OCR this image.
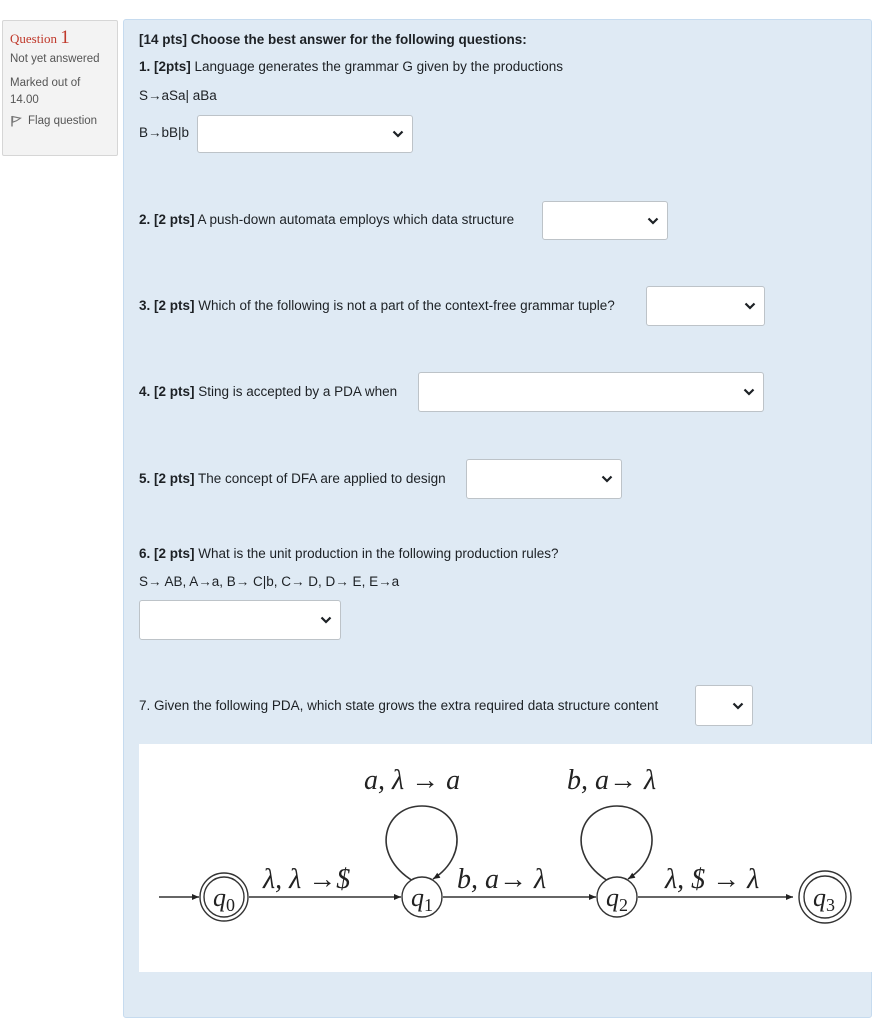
Question 1
Not yet answered
Marked out of
14.00
Flag question
[14 pts] Choose the best answer for the following questions:
1. [2pts] Language generates the grammar G given by the productions
S→aSa| aBa
B→bB|b
2. [2 pts] A push-down automata employs which data structure
3. [2 pts] Which of the following is not a part of the context-free grammar tuple?
4. [2 pts] Sting is accepted by a PDA when
5. [2 pts] The concept of DFA are applied to design
6. [2 pts] What is the unit production in the following production rules?
S→ AB, A→a, B→ C|b, C→ D, D→ E, E→a
7. Given the following PDA, which state grows the extra required data structure content
q0	q1	q2	q3
λ, λ →$	b, a→ λ	λ, $ → λ
a, λ → a	b, a→ λ
